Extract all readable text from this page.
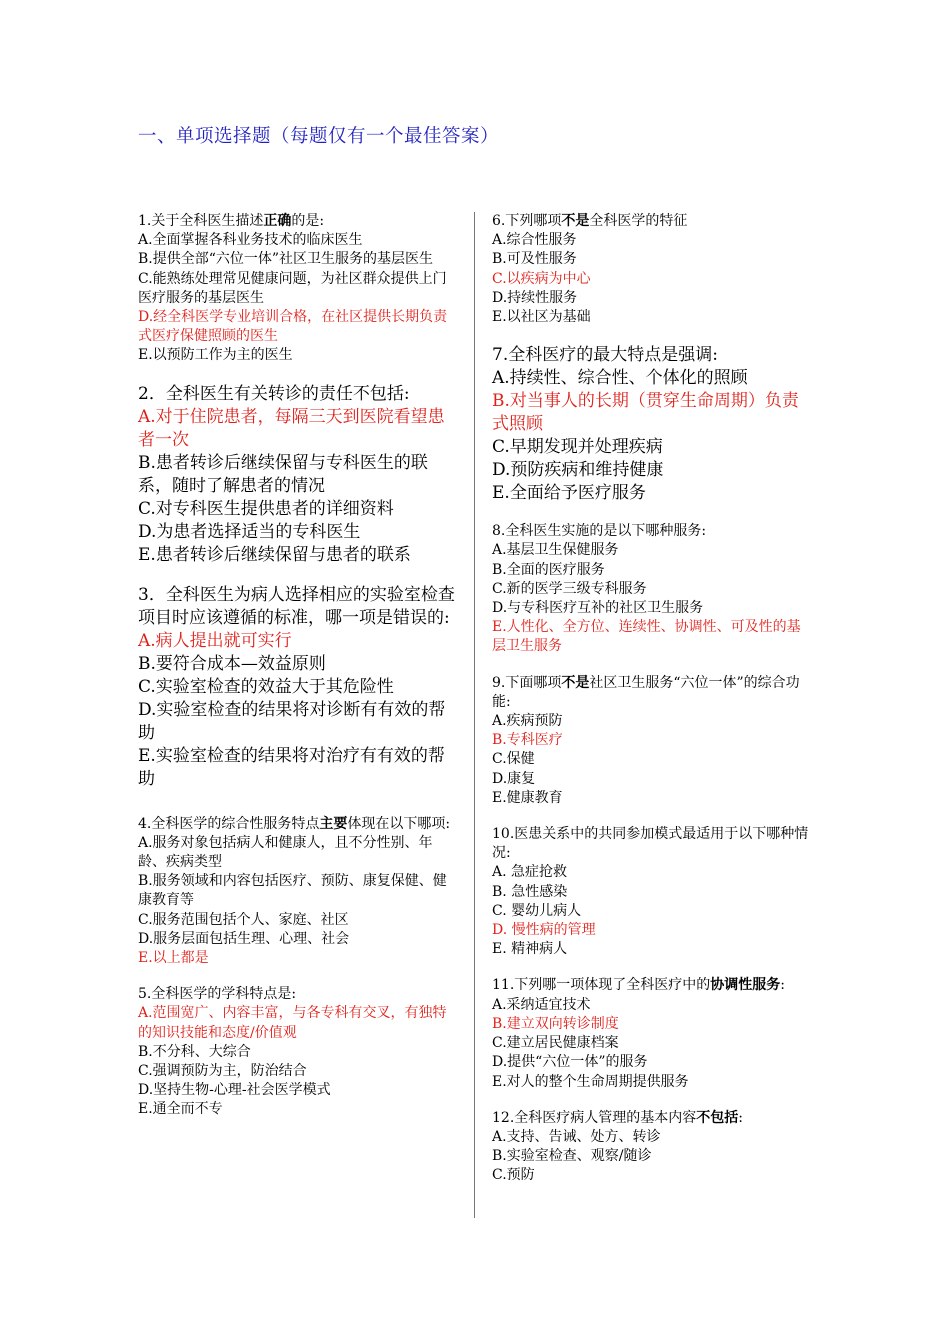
一、单项选择题（每题仅有一个最佳答案）
1.关于全科医生描述正确的是:
A.全面掌握各科业务技术的临床医生
B.提供全部“六位一体”社区卫生服务的基层医生
C.能熟练处理常见健康问题，为社区群众提供上门医疗服务的基层医生
D.经全科医学专业培训合格，在社区提供长期负责式医疗保健照顾的医生
E.以预防工作为主的医生
2．全科医生有关转诊的责任不包括:
A.对于住院患者，每隔三天到医院看望患者一次
B.患者转诊后继续保留与专科医生的联系，随时了解患者的情况
C.对专科医生提供患者的详细资料
D.为患者选择适当的专科医生
E.患者转诊后继续保留与患者的联系
3．全科医生为病人选择相应的实验室检查项目时应该遵循的标准，哪一项是错误的:
A.病人提出就可实行
B.要符合成本—效益原则
C.实验室检查的效益大于其危险性
D.实验室检查的结果将对诊断有有效的帮助
E.实验室检查的结果将对治疗有有效的帮助
4.全科医学的综合性服务特点主要体现在以下哪项:
A.服务对象包括病人和健康人，且不分性别、年龄、疾病类型
B.服务领域和内容包括医疗、预防、康复保健、健康教育等
C.服务范围包括个人、家庭、社区
D.服务层面包括生理、心理、社会
E.以上都是
5.全科医学的学科特点是:
A.范围宽广、内容丰富，与各专科有交叉，有独特的知识技能和态度/价值观
B.不分科、大综合
C.强调预防为主，防治结合
D.坚持生物-心理-社会医学模式
E.通全而不专
6.下列哪项不是全科医学的特征
A.综合性服务
B.可及性服务
C.以疾病为中心
D.持续性服务
E.以社区为基础
7.全科医疗的最大特点是强调:
A.持续性、综合性、个体化的照顾
B.对当事人的长期（贯穿生命周期）负责式照顾
C.早期发现并处理疾病
D.预防疾病和维持健康
E.全面给予医疗服务
8.全科医生实施的是以下哪种服务:
A.基层卫生保健服务
B.全面的医疗服务
C.新的医学三级专科服务
D.与专科医疗互补的社区卫生服务
E.人性化、全方位、连续性、协调性、可及性的基层卫生服务
9.下面哪项不是社区卫生服务“六位一体”的综合功能:
A.疾病预防
B.专科医疗
C.保健
D.康复
E.健康教育
10.医患关系中的共同参加模式最适用于以下哪种情况:
A. 急症抢救
B. 急性感染
C. 婴幼儿病人
D. 慢性病的管理
E. 精神病人
11.下列哪一项体现了全科医疗中的协调性服务:
A.采纳适宜技术
B.建立双向转诊制度
C.建立居民健康档案
D.提供“六位一体”的服务
E.对人的整个生命周期提供服务
12.全科医疗病人管理的基本内容不包括:
A.支持、告诫、处方、转诊
B.实验室检查、观察/随诊
C.预防
